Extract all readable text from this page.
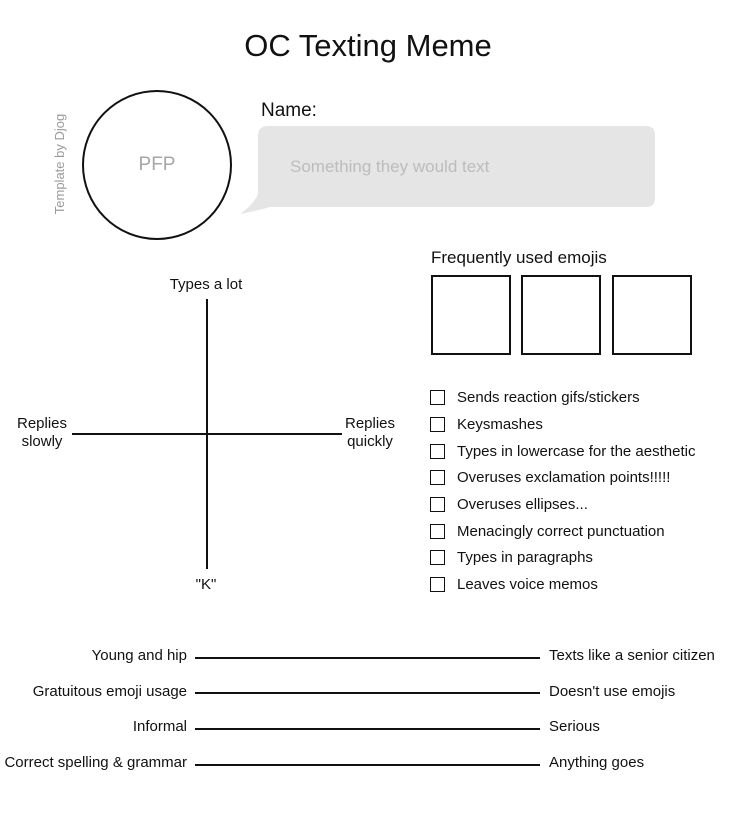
OC Texting Meme
Template by Djog	PFP
Name:
Something they would text
Frequently used emojis
Types a lot
"K"
Replies
slowly
Replies
quickly
Sends reaction gifs/stickers
Keysmashes
Types in lowercase for the aesthetic
Overuses exclamation points!!!!!
Overuses ellipses...
Menacingly correct punctuation
Types in paragraphs
Leaves voice memos
Young and hip	Texts like a senior citizen
Gratuitous emoji usage	Doesn't use emojis
Informal	Serious
Correct spelling & grammar	Anything goes
